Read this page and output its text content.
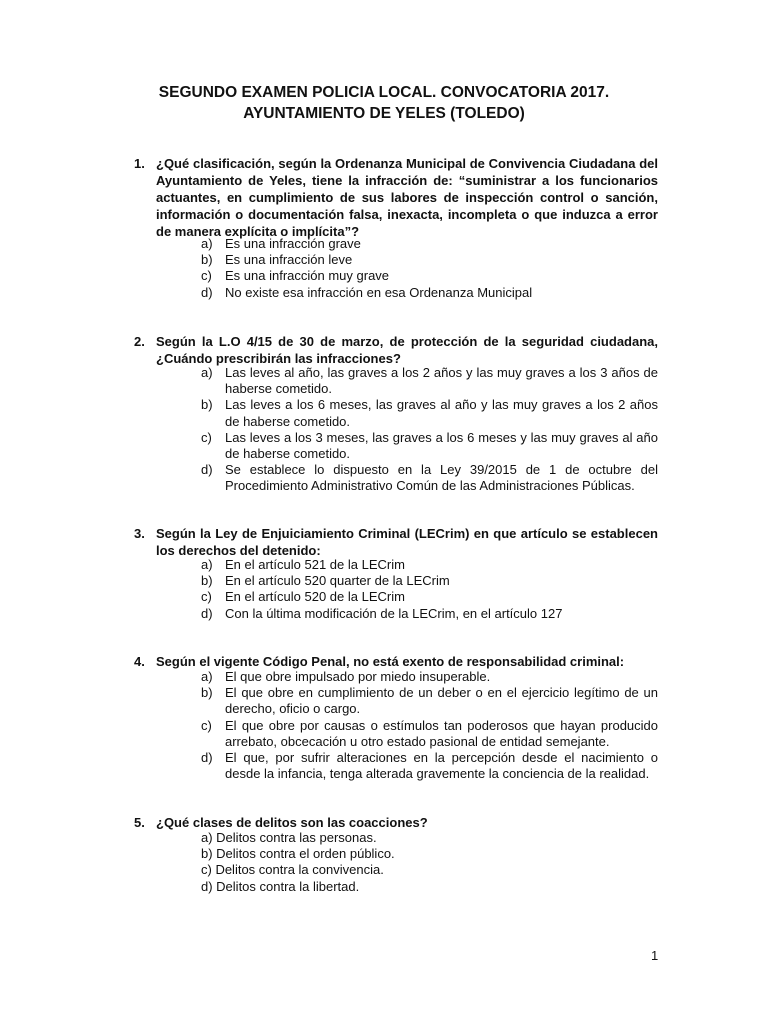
SEGUNDO EXAMEN POLICIA LOCAL. CONVOCATORIA 2017.
AYUNTAMIENTO DE YELES (TOLEDO)
1. ¿Qué clasificación, según la Ordenanza Municipal de Convivencia Ciudadana del Ayuntamiento de Yeles, tiene la infracción de: “suministrar a los funcionarios actuantes, en cumplimiento de sus labores de inspección control o sanción, información o documentación falsa, inexacta, incompleta o que induzca a error de manera explícita o implícita”?
a) Es una infracción grave
b) Es una infracción leve
c) Es una infracción muy grave
d) No existe esa infracción en esa Ordenanza Municipal
2. Según la L.O 4/15 de 30 de marzo, de protección de la seguridad ciudadana, ¿Cuándo prescribirán las infracciones?
a) Las leves al año, las graves a los 2 años y las muy graves a los 3 años de haberse cometido.
b) Las leves a los 6 meses, las graves al año y las muy graves a los 2 años de haberse cometido.
c) Las leves a los 3 meses, las graves a los 6 meses y las muy graves al año de haberse cometido.
d) Se establece lo dispuesto en la Ley 39/2015 de 1 de octubre del Procedimiento Administrativo Común de las Administraciones Públicas.
3. Según la Ley de Enjuiciamiento Criminal (LECrim) en que artículo se establecen los derechos del detenido:
a) En el artículo 521 de la LECrim
b) En el artículo 520 quarter de la LECrim
c) En el artículo 520 de la LECrim
d) Con la última modificación de la LECrim, en el artículo 127
4. Según el vigente Código Penal, no está exento de responsabilidad criminal:
a) El que obre impulsado por miedo insuperable.
b) El que obre en cumplimiento de un deber o en el ejercicio legítimo de un derecho, oficio o cargo.
c) El que obre por causas o estímulos tan poderosos que hayan producido arrebato, obcecación u otro estado pasional de entidad semejante.
d) El que, por sufrir alteraciones en la percepción desde el nacimiento o desde la infancia, tenga alterada gravemente la conciencia de la realidad.
5. ¿Qué clases de delitos son las coacciones?
a) Delitos contra las personas.
b) Delitos contra el orden público.
c) Delitos contra la convivencia.
d) Delitos contra la libertad.
1
